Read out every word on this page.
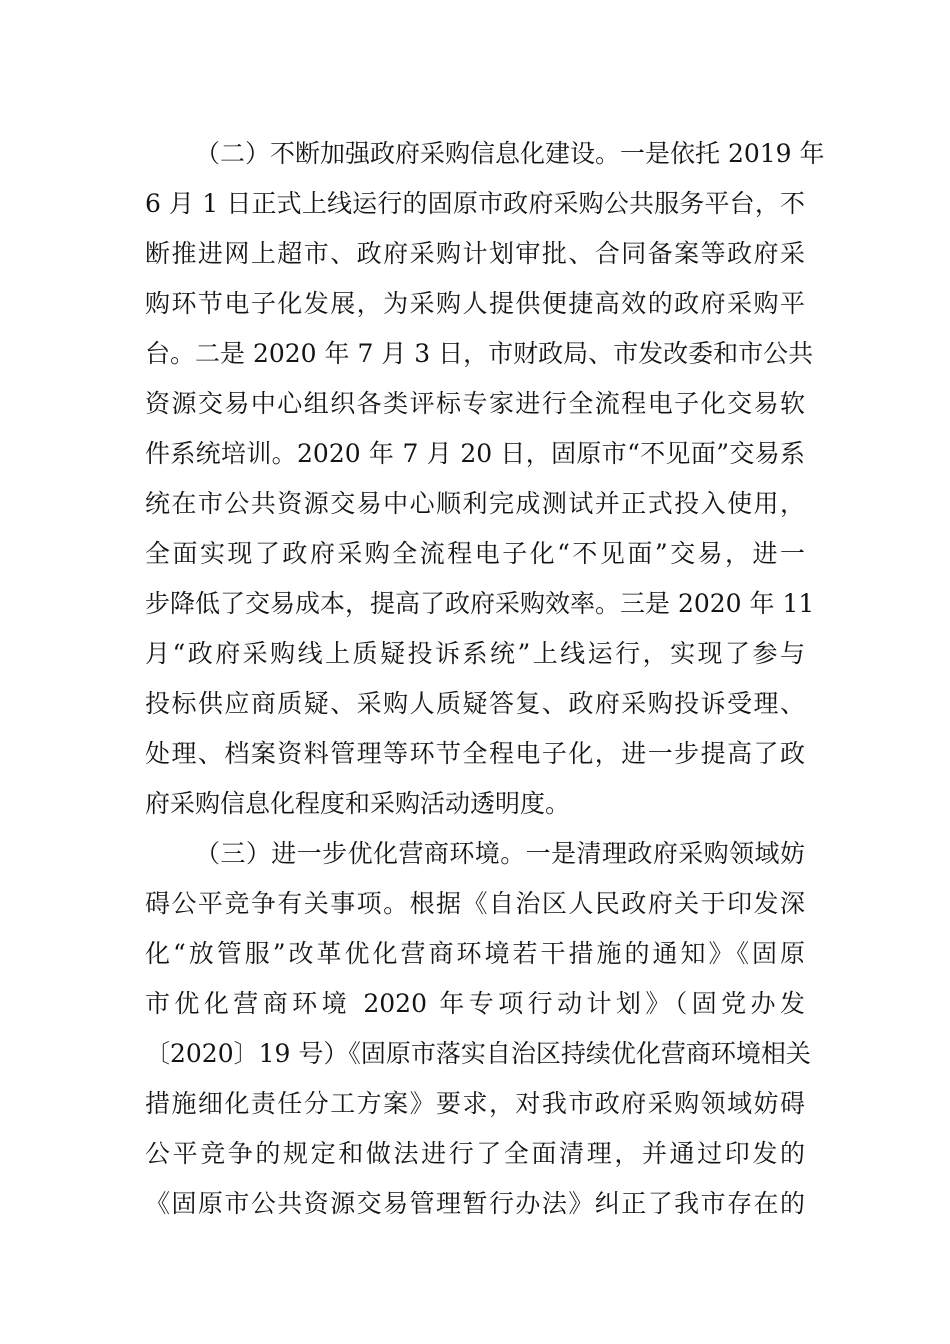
（二）不断加强政府采购信息化建设。一是依托 2019 年
6 月 1 日正式上线运行的固原市政府采购公共服务平台，不
断推进网上超市、政府采购计划审批、合同备案等政府采
购环节电子化发展，为采购人提供便捷高效的政府采购平
台。二是 2020 年 7 月 3 日，市财政局、市发改委和市公共
资源交易中心组织各类评标专家进行全流程电子化交易软
件系统培训。2020 年 7 月 20 日，固原市“不见面”交易系
统在市公共资源交易中心顺利完成测试并正式投入使用，
全面实现了政府采购全流程电子化“不见面”交易，进一
步降低了交易成本，提高了政府采购效率。三是 2020 年 11
月“政府采购线上质疑投诉系统”上线运行，实现了参与
投标供应商质疑、采购人质疑答复、政府采购投诉受理、
处理、档案资料管理等环节全程电子化，进一步提高了政
府采购信息化程度和采购活动透明度。
（三）进一步优化营商环境。一是清理政府采购领域妨
碍公平竞争有关事项。根据《自治区人民政府关于印发深
化“放管服”改革优化营商环境若干措施的通知》《固原
市优化营商环境 2020 年专项行动计划》（固党办发
〔2020〕19 号）《固原市落实自治区持续优化营商环境相关
措施细化责任分工方案》要求，对我市政府采购领域妨碍
公平竞争的规定和做法进行了全面清理，并通过印发的
《固原市公共资源交易管理暂行办法》纠正了我市存在的
